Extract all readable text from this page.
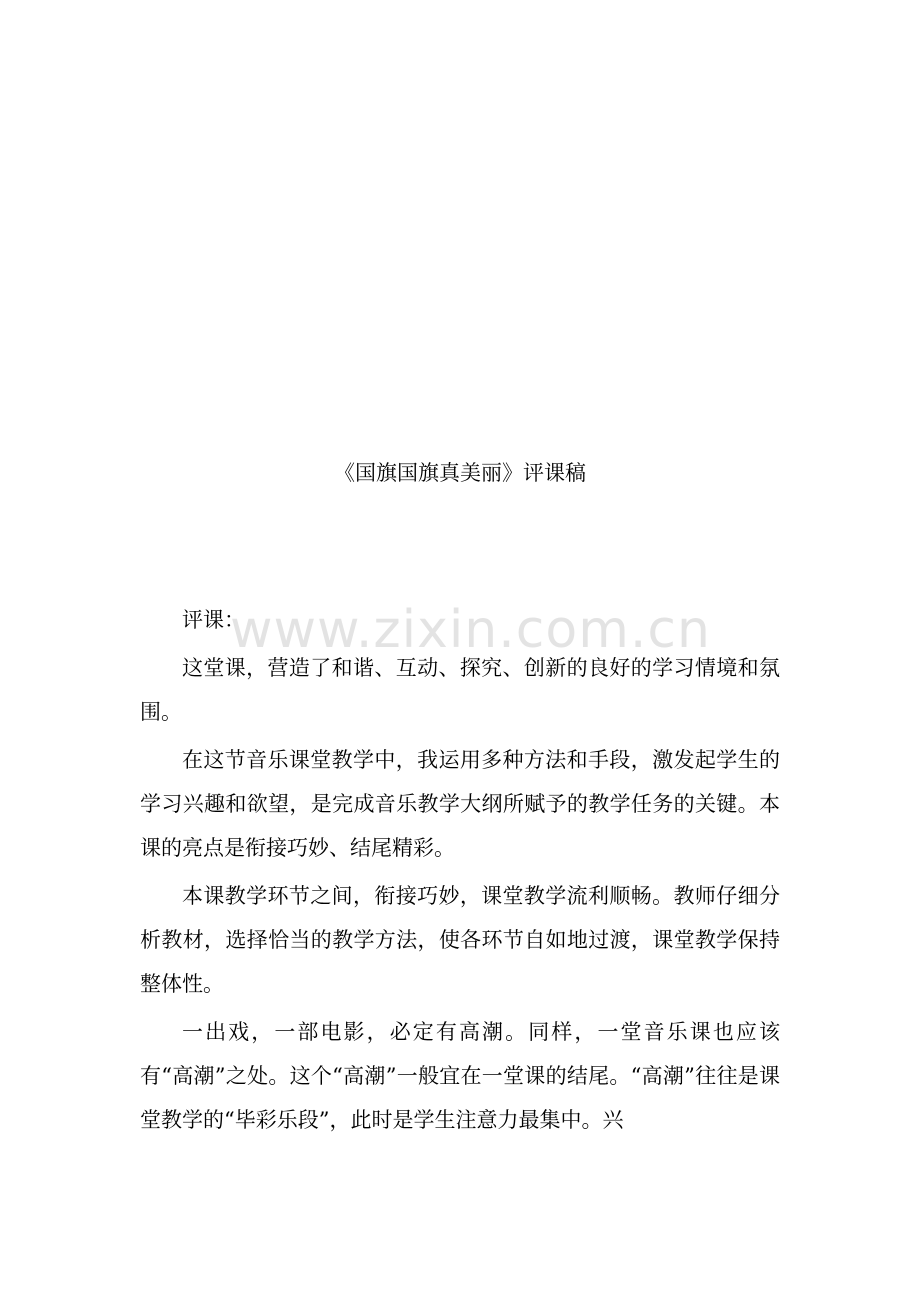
《国旗国旗真美丽》评课稿
www.zixin.com.cn

评课：

这堂课，营造了和谐、互动、探究、创新的良好的学习情境和氛围。

在这节音乐课堂教学中，我运用多种方法和手段，激发起学生的学习兴趣和欲望，是完成音乐教学大纲所赋予的教学任务的关键。本课的亮点是衔接巧妙、结尾精彩。

本课教学环节之间，衔接巧妙，课堂教学流利顺畅。教师仔细分析教材，选择恰当的教学方法，使各环节自如地过渡，课堂教学保持整体性。

一出戏，一部电影，必定有高潮。同样，一堂音乐课也应该有“高潮”之处。这个“高潮”一般宜在一堂课的结尾。“高潮”往往是课堂教学的“毕彩乐段”，此时是学生注意力最集中。兴
